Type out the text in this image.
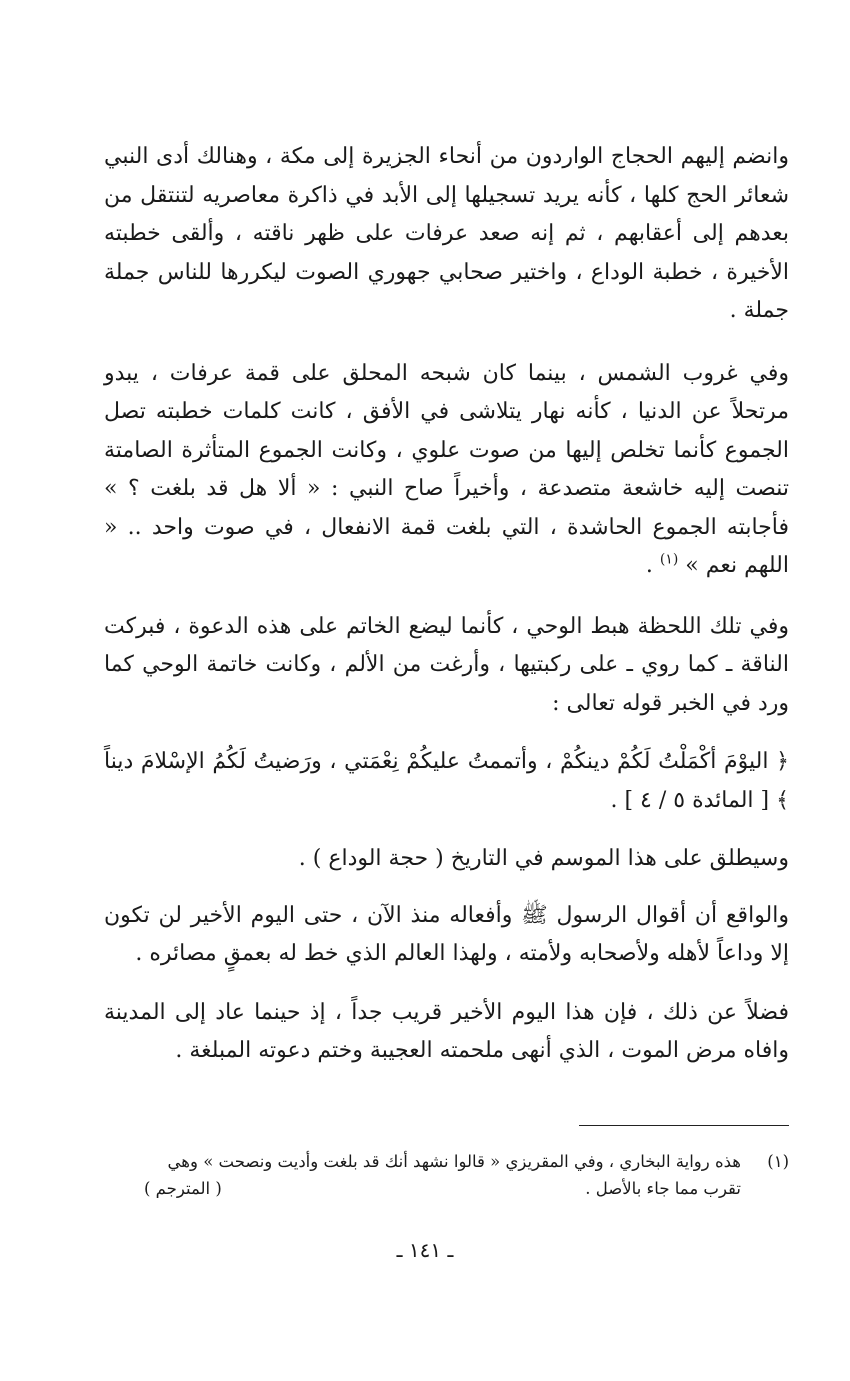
وانضم إليهم الحجاج الواردون من أنحاء الجزيرة إلى مكة ، وهنالك أدى النبي شعائر الحج كلها ، كأنه يريد تسجيلها إلى الأبد في ذاكرة معاصريه لتنتقل من بعدهم إلى أعقابهم ، ثم إنه صعد عرفات على ظهر ناقته ، وألقى خطبته الأخيرة ، خطبة الوداع ، واختير صحابي جهوري الصوت ليكررها للناس جملة جملة .

وفي غروب الشمس ، بينما كان شبحه المحلق على قمة عرفات ، يبدو مرتحلاً عن الدنيا ، كأنه نهار يتلاشى في الأفق ، كانت كلمات خطبته تصل الجموع كأنما تخلص إليها من صوت علوي ، وكانت الجموع المتأثرة الصامتة تنصت إليه خاشعة متصدعة ، وأخيراً صاح النبي : « ألا هل قد بلغت ؟ » فأجابته الجموع الحاشدة ، التي بلغت قمة الانفعال ، في صوت واحد .. « اللهم نعم » $^{(١)}$ .

وفي تلك اللحظة هبط الوحي ، كأنما ليضع الخاتم على هذه الدعوة ، فبركت الناقة ـ كما روي ـ على ركبتيها ، وأرغت من الألم ، وكانت خاتمة الوحي كما ورد في الخبر قوله تعالى :

﴿ اليوْمَ أكْمَلْتُ لَكُمْ دينكُمْ ، وأتممتُ عليكُمْ نِعْمَتي ، ورَضيتُ لَكُمُ الإسْلامَ ديناً ﴾ [ المائدة ٥ / ٤ ] .

وسيطلق على هذا الموسم في التاريخ ( حجة الوداع ) .

والواقع أن أقوال الرسول ﷺ وأفعاله منذ الآن ، حتى اليوم الأخير لن تكون إلا وداعاً لأهله ولأصحابه ولأمته ، ولهذا العالم الذي خط له بعمقٍ مصائره .

فضلاً عن ذلك ، فإن هذا اليوم الأخير قريب جداً ، إذ حينما عاد إلى المدينة وافاه مرض الموت ، الذي أنهى ملحمته العجيبة وختم دعوته المبلغة .

(١)
هذه رواية البخاري ، وفي المقريزي « قالوا نشهد أنك قد بلغت وأديت ونصحت » وهي
تقرب مما جاء بالأصل .
( المترجم )
ـ ١٤١ ـ
